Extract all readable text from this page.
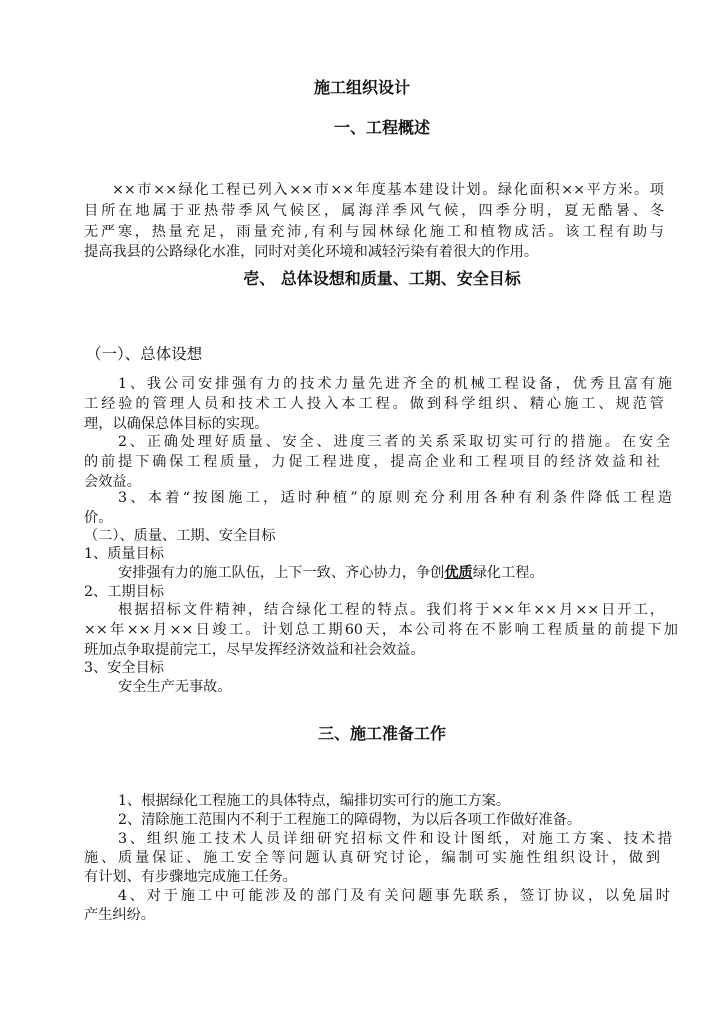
施工组织设计
一、工程概述
××市××绿化工程已列入××市××年度基本建设计划。绿化面积××平方米。项
目所在地属于亚热带季风气候区，属海洋季风气候，四季分明，夏无酷暑、冬
无严寒，热量充足，雨量充沛,有利与园林绿化施工和植物成活。该工程有助与
提高我县的公路绿化水准，同时对美化环境和减轻污染有着很大的作用。
壱、 总体设想和质量、工期、安全目标
（一）、总体设想
1、我公司安排强有力的技术力量先进齐全的机械工程设备，优秀且富有施
工经验的管理人员和技术工人投入本工程。做到科学组织、精心施工、规范管
理，以确保总体目标的实现。
2、正确处理好质量、安全、进度三者的关系采取切实可行的措施。在安全
的前提下确保工程质量，力促工程进度，提高企业和工程项目的经济效益和社
会效益。
3、本着“按图施工，适时种植”的原则充分利用各种有利条件降低工程造
价。
（二）、质量、工期、安全目标
1、质量目标
安排强有力的施工队伍，上下一致、齐心协力，争创优质绿化工程。
2、工期目标
根据招标文件精神，结合绿化工程的特点。我们将于××年××月××日开工，
××年××月××日竣工。计划总工期60天，本公司将在不影响工程质量的前提下加
班加点争取提前完工，尽早发挥经济效益和社会效益。
3、安全目标
安全生产无事故。
三、施工准备工作
1、根据绿化工程施工的具体特点，编排切实可行的施工方案。
2、清除施工范围内不利于工程施工的障碍物，为以后各项工作做好准备。
3、组织施工技术人员详细研究招标文件和设计图纸，对施工方案、技术措
施、质量保证、施工安全等问题认真研究讨论，编制可实施性组织设计，做到
有计划、有步骤地完成施工任务。
4、对于施工中可能涉及的部门及有关问题事先联系，签订协议，以免届时
产生纠纷。
